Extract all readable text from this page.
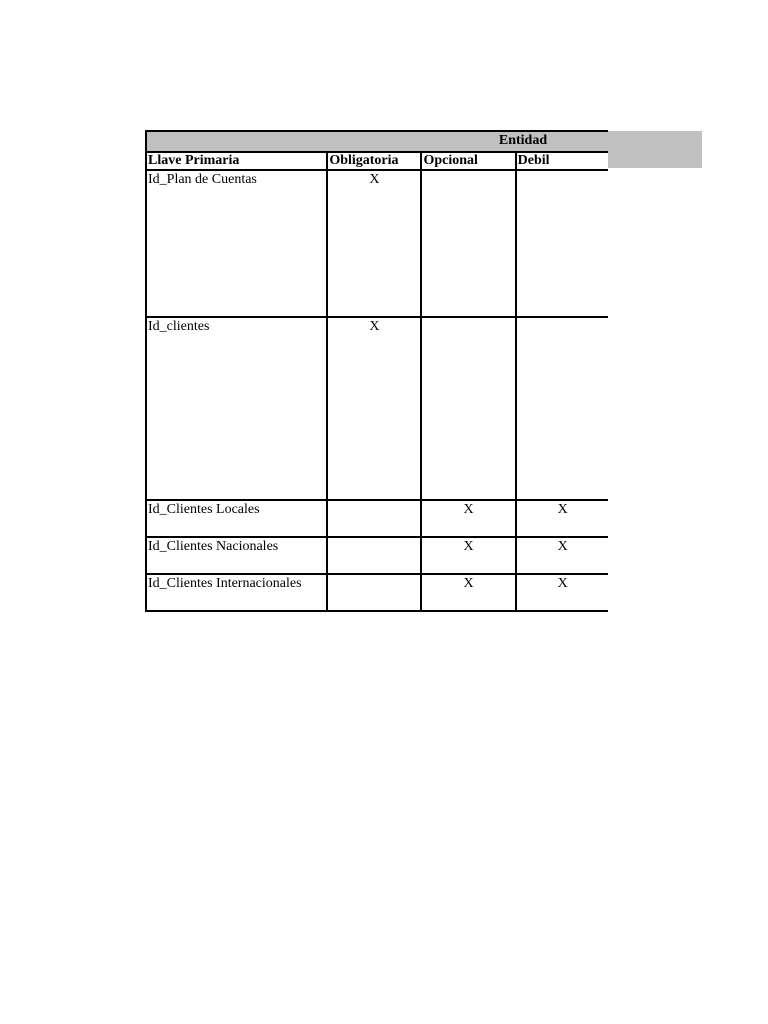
Entidad				
Llave Primaria	Obligatoria	Opcional	Debil	
Id_Plan de Cuentas	X			
Id_clientes	X			
Id_Clientes Locales		X	X	
Id_Clientes Nacionales		X	X	
Id_Clientes Internacionales		X	X	
